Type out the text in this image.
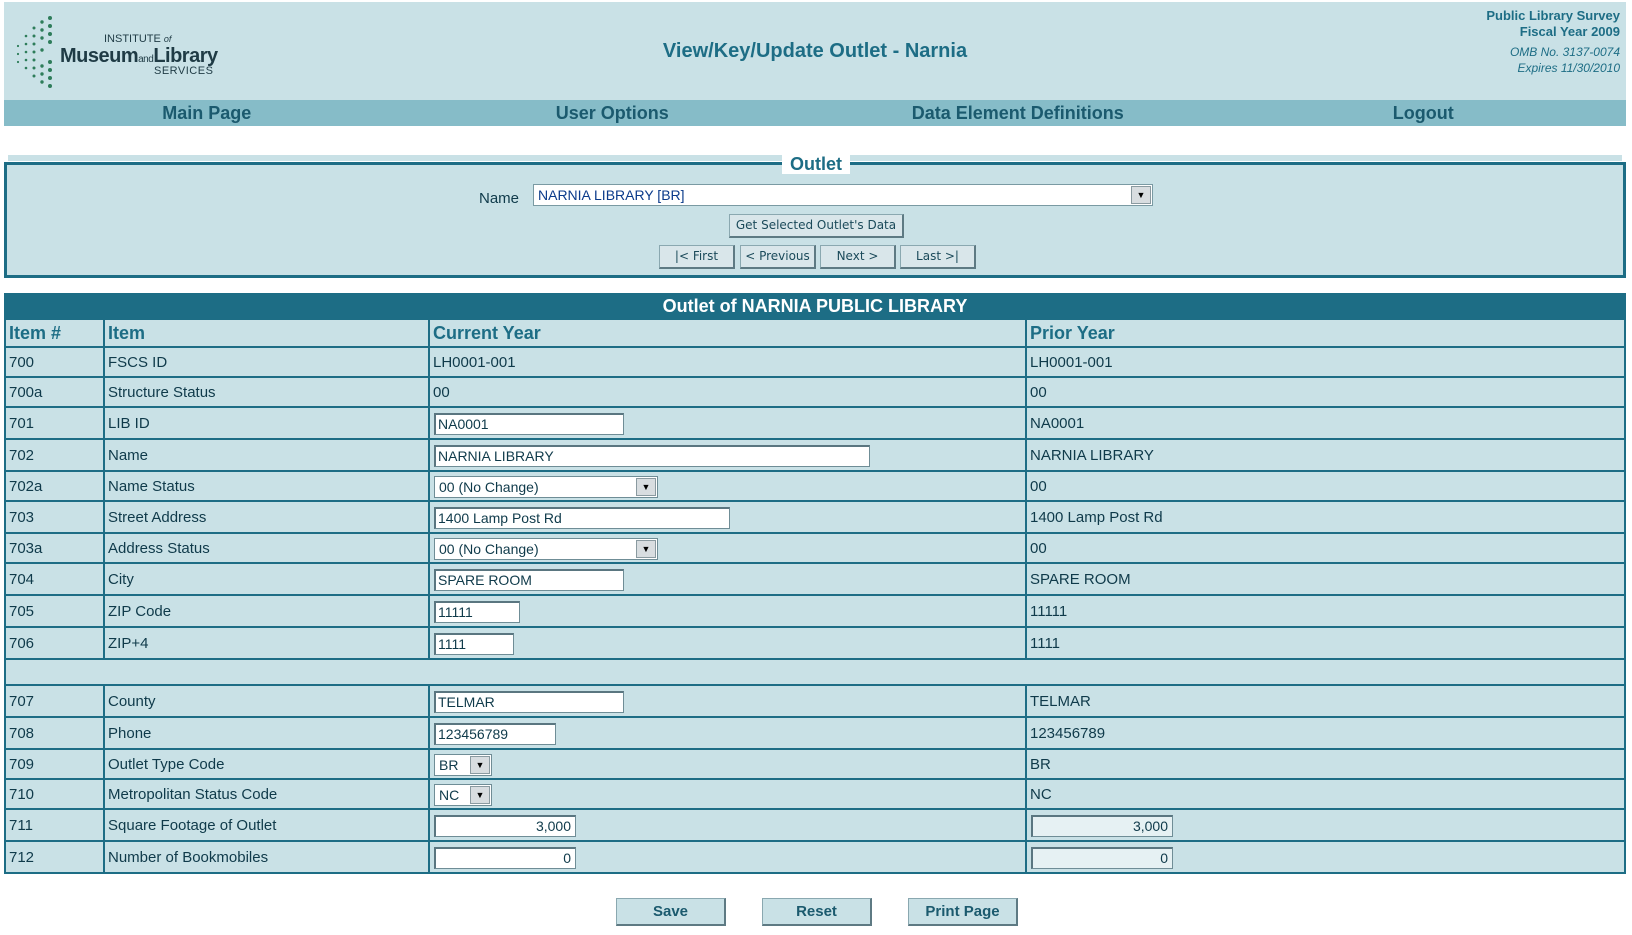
INSTITUTE of
MuseumandLibrary
SERVICES
View/Key/Update Outlet - Narnia
Public Library Survey
Fiscal Year 2009
OMB No. 3137-0074
Expires 11/30/2010
Main Page	User Options	Data Element Definitions	Logout
Outlet
Name	NARNIA LIBRARY [BR]	▼
Get Selected Outlet's Data
|< First	< Previous	Next >	Last >|
Outlet of NARNIA PUBLIC LIBRARY
Item #	Item	Current Year	Prior Year
700	FSCS ID	LH0001-001	LH0001-001
700a	Structure Status	00	00
701	LIB ID	NA0001	NA0001
702	Name	NARNIA LIBRARY	NARNIA LIBRARY
702a	Name Status	00 (No Change)	▼	00
703	Street Address	1400 Lamp Post Rd	1400 Lamp Post Rd
703a	Address Status	00 (No Change)	▼	00
704	City	SPARE ROOM	SPARE ROOM
705	ZIP Code	11111	11111
706	ZIP+4	1111	1111
707	County	TELMAR	TELMAR
708	Phone	123456789	123456789
709	Outlet Type Code	BR	▼	BR
710	Metropolitan Status Code	NC	▼	NC
711	Square Footage of Outlet	3,000	3,000
712	Number of Bookmobiles	0	0
Save	Reset	Print Page
